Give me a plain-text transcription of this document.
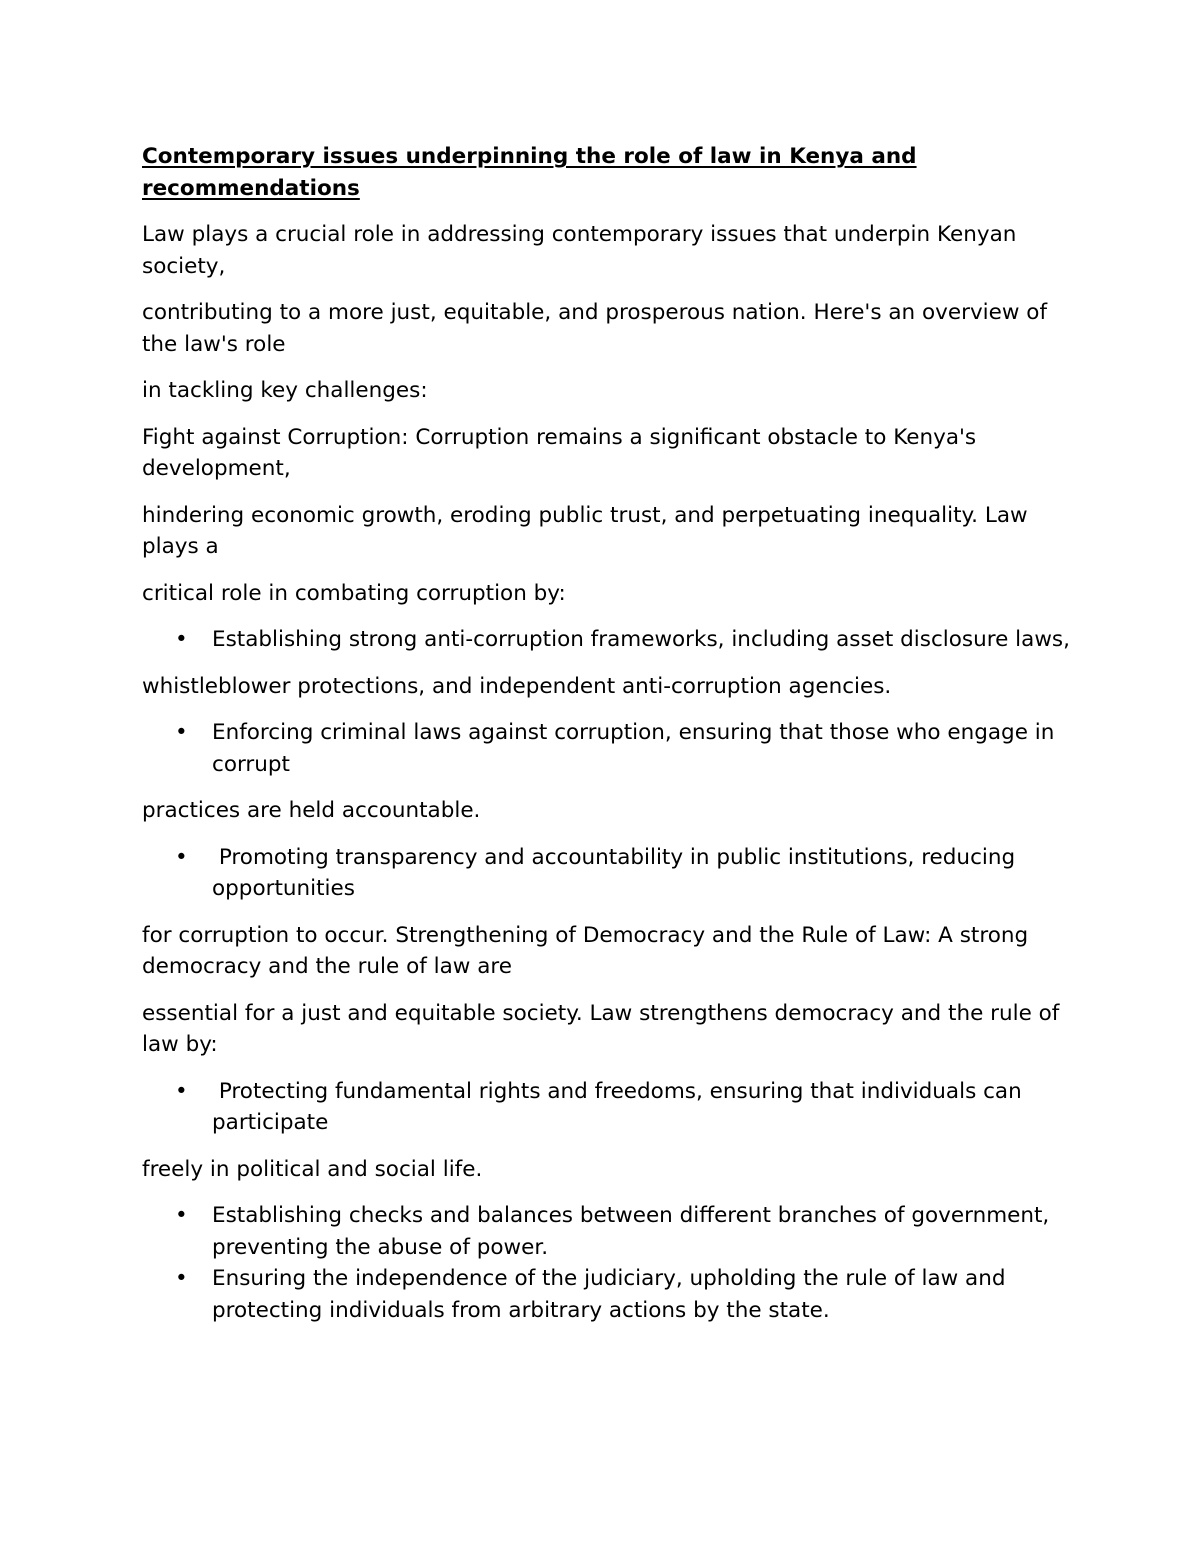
Contemporary issues underpinning the role of law in Kenya and recommendations

Law plays a crucial role in addressing contemporary issues that underpin Kenyan society,

contributing to a more just, equitable, and prosperous nation. Here's an overview of the law's role

in tackling key challenges:

Fight against Corruption: Corruption remains a significant obstacle to Kenya's development,

hindering economic growth, eroding public trust, and perpetuating inequality. Law plays a

critical role in combating corruption by:

• Establishing strong anti-corruption frameworks, including asset disclosure laws,

whistleblower protections, and independent anti-corruption agencies.

• Enforcing criminal laws against corruption, ensuring that those who engage in corrupt

practices are held accountable.

• Promoting transparency and accountability in public institutions, reducing opportunities

for corruption to occur. Strengthening of Democracy and the Rule of Law: A strong democracy and the rule of law are

essential for a just and equitable society. Law strengthens democracy and the rule of law by:

• Protecting fundamental rights and freedoms, ensuring that individuals can participate

freely in political and social life.

• Establishing checks and balances between different branches of government, preventing the abuse of power.
• Ensuring the independence of the judiciary, upholding the rule of law and protecting individuals from arbitrary actions by the state.
